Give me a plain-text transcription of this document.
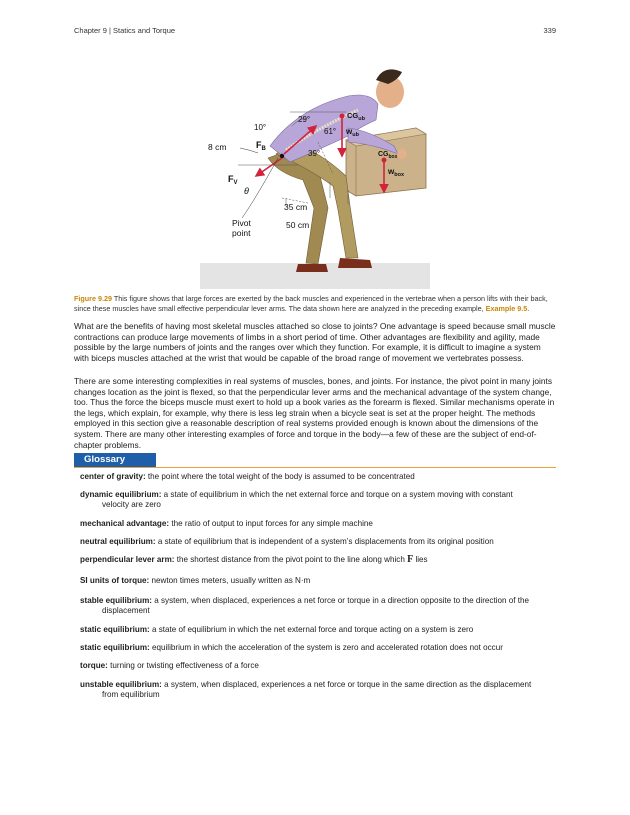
Chapter 9 | Statics and Torque	339
10°
29°
61°
39°
$CG_{ub}$
$w_{ub}$
$CG_{box}$
$w_{box}$
$F_B$
$F_V$
θ
8 cm
35 cm
50 cm
Pivot
point
Figure 9.29 This figure shows that large forces are exerted by the back muscles and experienced in the vertebrae when a person lifts with their back, since these muscles have small effective perpendicular lever arms. The data shown here are analyzed in the preceding example, Example 9.5.

What are the benefits of having most skeletal muscles attached so close to joints? One advantage is speed because small muscle contractions can produce large movements of limbs in a short period of time. Other advantages are flexibility and agility, made possible by the large numbers of joints and the ranges over which they function. For example, it is difficult to imagine a system with biceps muscles attached at the wrist that would be capable of the broad range of movement we vertebrates possess.

There are some interesting complexities in real systems of muscles, bones, and joints. For instance, the pivot point in many joints changes location as the joint is flexed, so that the perpendicular lever arms and the mechanical advantage of the system change, too. Thus the force the biceps muscle must exert to hold up a book varies as the forearm is flexed. Similar mechanisms operate in the legs, which explain, for example, why there is less leg strain when a bicycle seat is set at the proper height. The methods employed in this section give a reasonable description of real systems provided enough is known about the dimensions of the system. There are many other interesting examples of force and torque in the body—a few of these are the subject of end-of-chapter problems.

Glossary
center of gravity: the point where the total weight of the body is assumed to be concentrated
dynamic equilibrium: a state of equilibrium in which the net external force and torque on a system moving with constant
velocity are zero
mechanical advantage: the ratio of output to input forces for any simple machine
neutral equilibrium: a state of equilibrium that is independent of a system’s displacements from its original position
perpendicular lever arm: the shortest distance from the pivot point to the line along which F lies
SI units of torque: newton times meters, usually written as N·m
stable equilibrium: a system, when displaced, experiences a net force or torque in a direction opposite to the direction of the
displacement
static equilibrium: a state of equilibrium in which the net external force and torque acting on a system is zero
static equilibrium: equilibrium in which the acceleration of the system is zero and accelerated rotation does not occur
torque: turning or twisting effectiveness of a force
unstable equilibrium: a system, when displaced, experiences a net force or torque in the same direction as the displacement
from equilibrium
